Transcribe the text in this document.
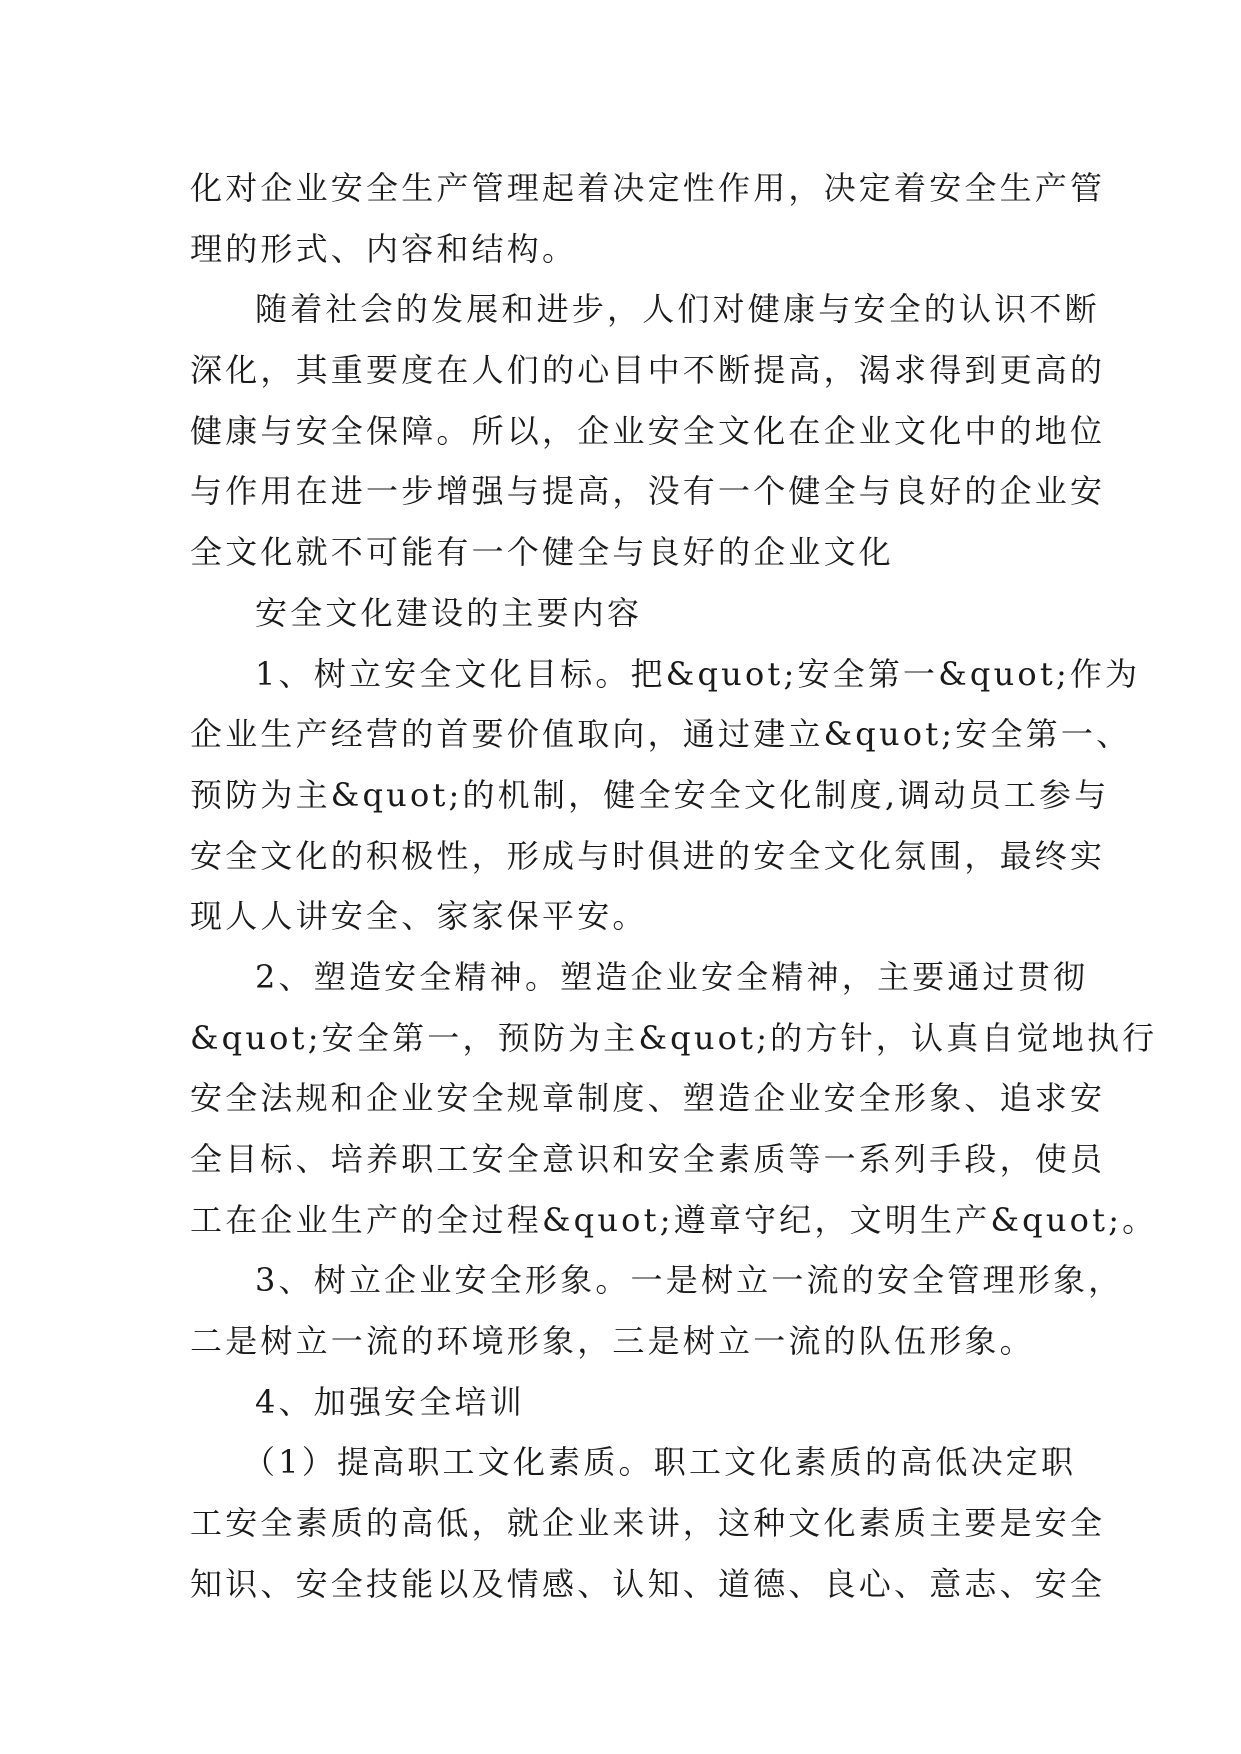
化对企业安全生产管理起着决定性作用，决定着安全生产管
理的形式、内容和结构。
随着社会的发展和进步，人们对健康与安全的认识不断
深化，其重要度在人们的心目中不断提高，渴求得到更高的
健康与安全保障。所以，企业安全文化在企业文化中的地位
与作用在进一步增强与提高，没有一个健全与良好的企业安
全文化就不可能有一个健全与良好的企业文化
安全文化建设的主要内容
1、树立安全文化目标。把&quot;安全第一&quot;作为
企业生产经营的首要价值取向，通过建立&quot;安全第一、
预防为主&quot;的机制，健全安全文化制度,调动员工参与
安全文化的积极性，形成与时俱进的安全文化氛围，最终实
现人人讲安全、家家保平安。
2、塑造安全精神。塑造企业安全精神，主要通过贯彻
&quot;安全第一，预防为主&quot;的方针，认真自觉地执行
安全法规和企业安全规章制度、塑造企业安全形象、追求安
全目标、培养职工安全意识和安全素质等一系列手段，使员
工在企业生产的全过程&quot;遵章守纪，文明生产&quot;。
3、树立企业安全形象。一是树立一流的安全管理形象，
二是树立一流的环境形象，三是树立一流的队伍形象。
4、加强安全培训
（1）提高职工文化素质。职工文化素质的高低决定职
工安全素质的高低，就企业来讲，这种文化素质主要是安全
知识、安全技能以及情感、认知、道德、良心、意志、安全
